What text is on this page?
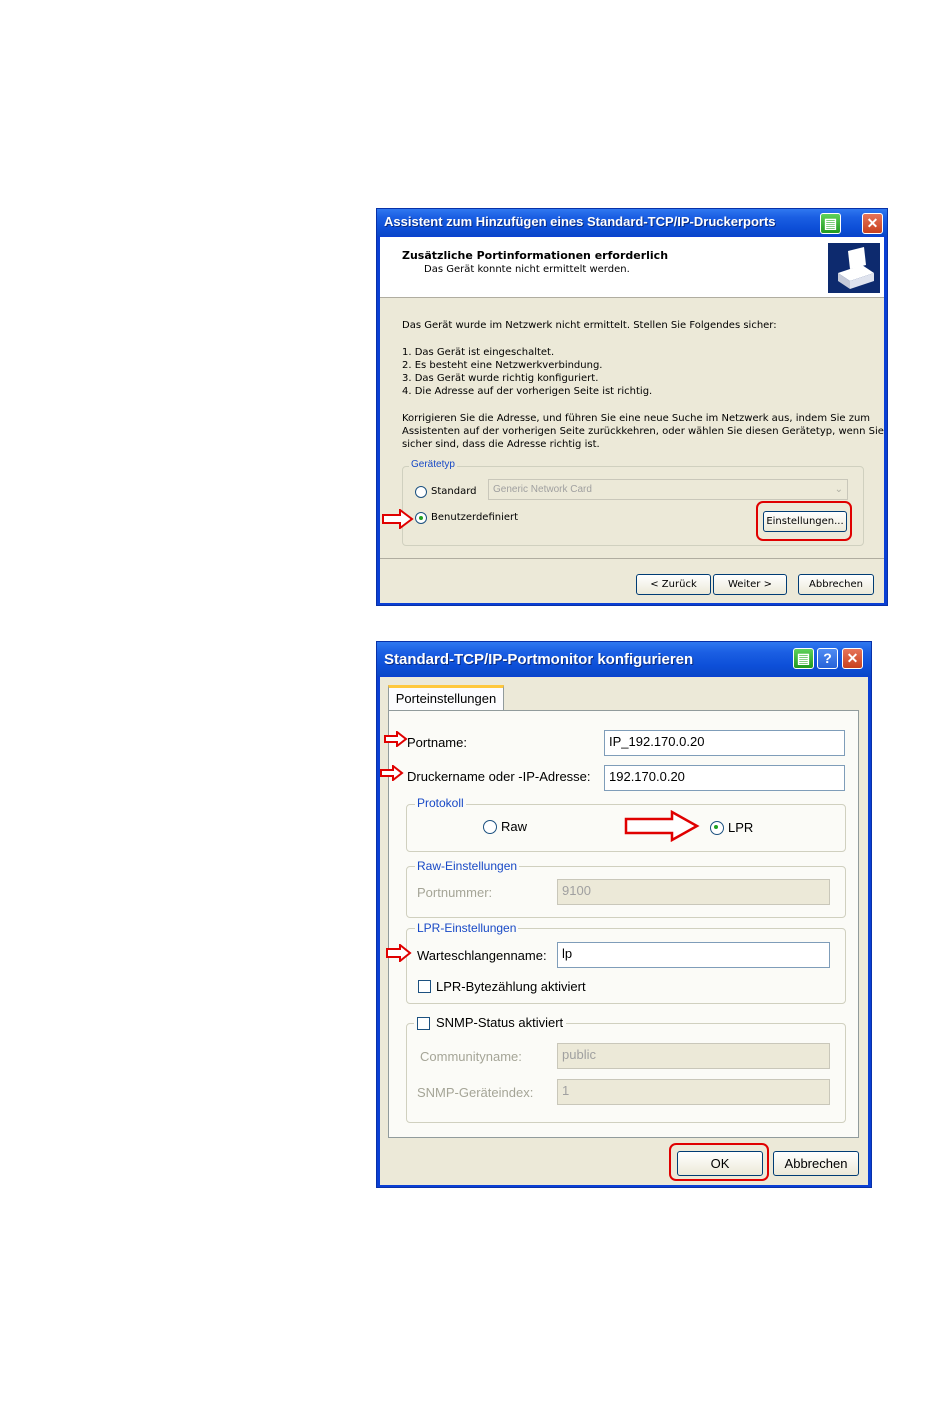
Assistent zum Hinzufügen eines Standard-TCP/IP-Druckerports	▤	✕
Zusätzliche Portinformationen erforderlich
Das Gerät konnte nicht ermittelt werden.
Das Gerät wurde im Netzwerk nicht ermittelt. Stellen Sie Folgendes sicher:
1. Das Gerät ist eingeschaltet.
2. Es besteht eine Netzwerkverbindung.
3. Das Gerät wurde richtig konfiguriert.
4. Die Adresse auf der vorherigen Seite ist richtig.
Korrigieren Sie die Adresse, und führen Sie eine neue Suche im Netzwerk aus, indem Sie zum
Assistenten auf der vorherigen Seite zurückkehren, oder wählen Sie diesen Gerätetyp, wenn Sie
sicher sind, dass die Adresse richtig ist.
Gerätetyp
Standard	Generic Network Card	⌄
Benutzerdefiniert	Einstellungen...
< Zurück	Weiter >	Abbrechen
Standard-TCP/IP-Portmonitor konfigurieren	▤ ?	✕
Porteinstellungen
Portname:	IP_192.170.0.20
Druckername oder -IP-Adresse:	192.170.0.20
Protokoll
Raw	LPR
Raw-Einstellungen
Portnummer:	9100
LPR-Einstellungen
Warteschlangenname:	lp
LPR-Bytezählung aktiviert
SNMP-Status aktiviert
Communityname:	public
SNMP-Geräteindex:	1
OK	Abbrechen
